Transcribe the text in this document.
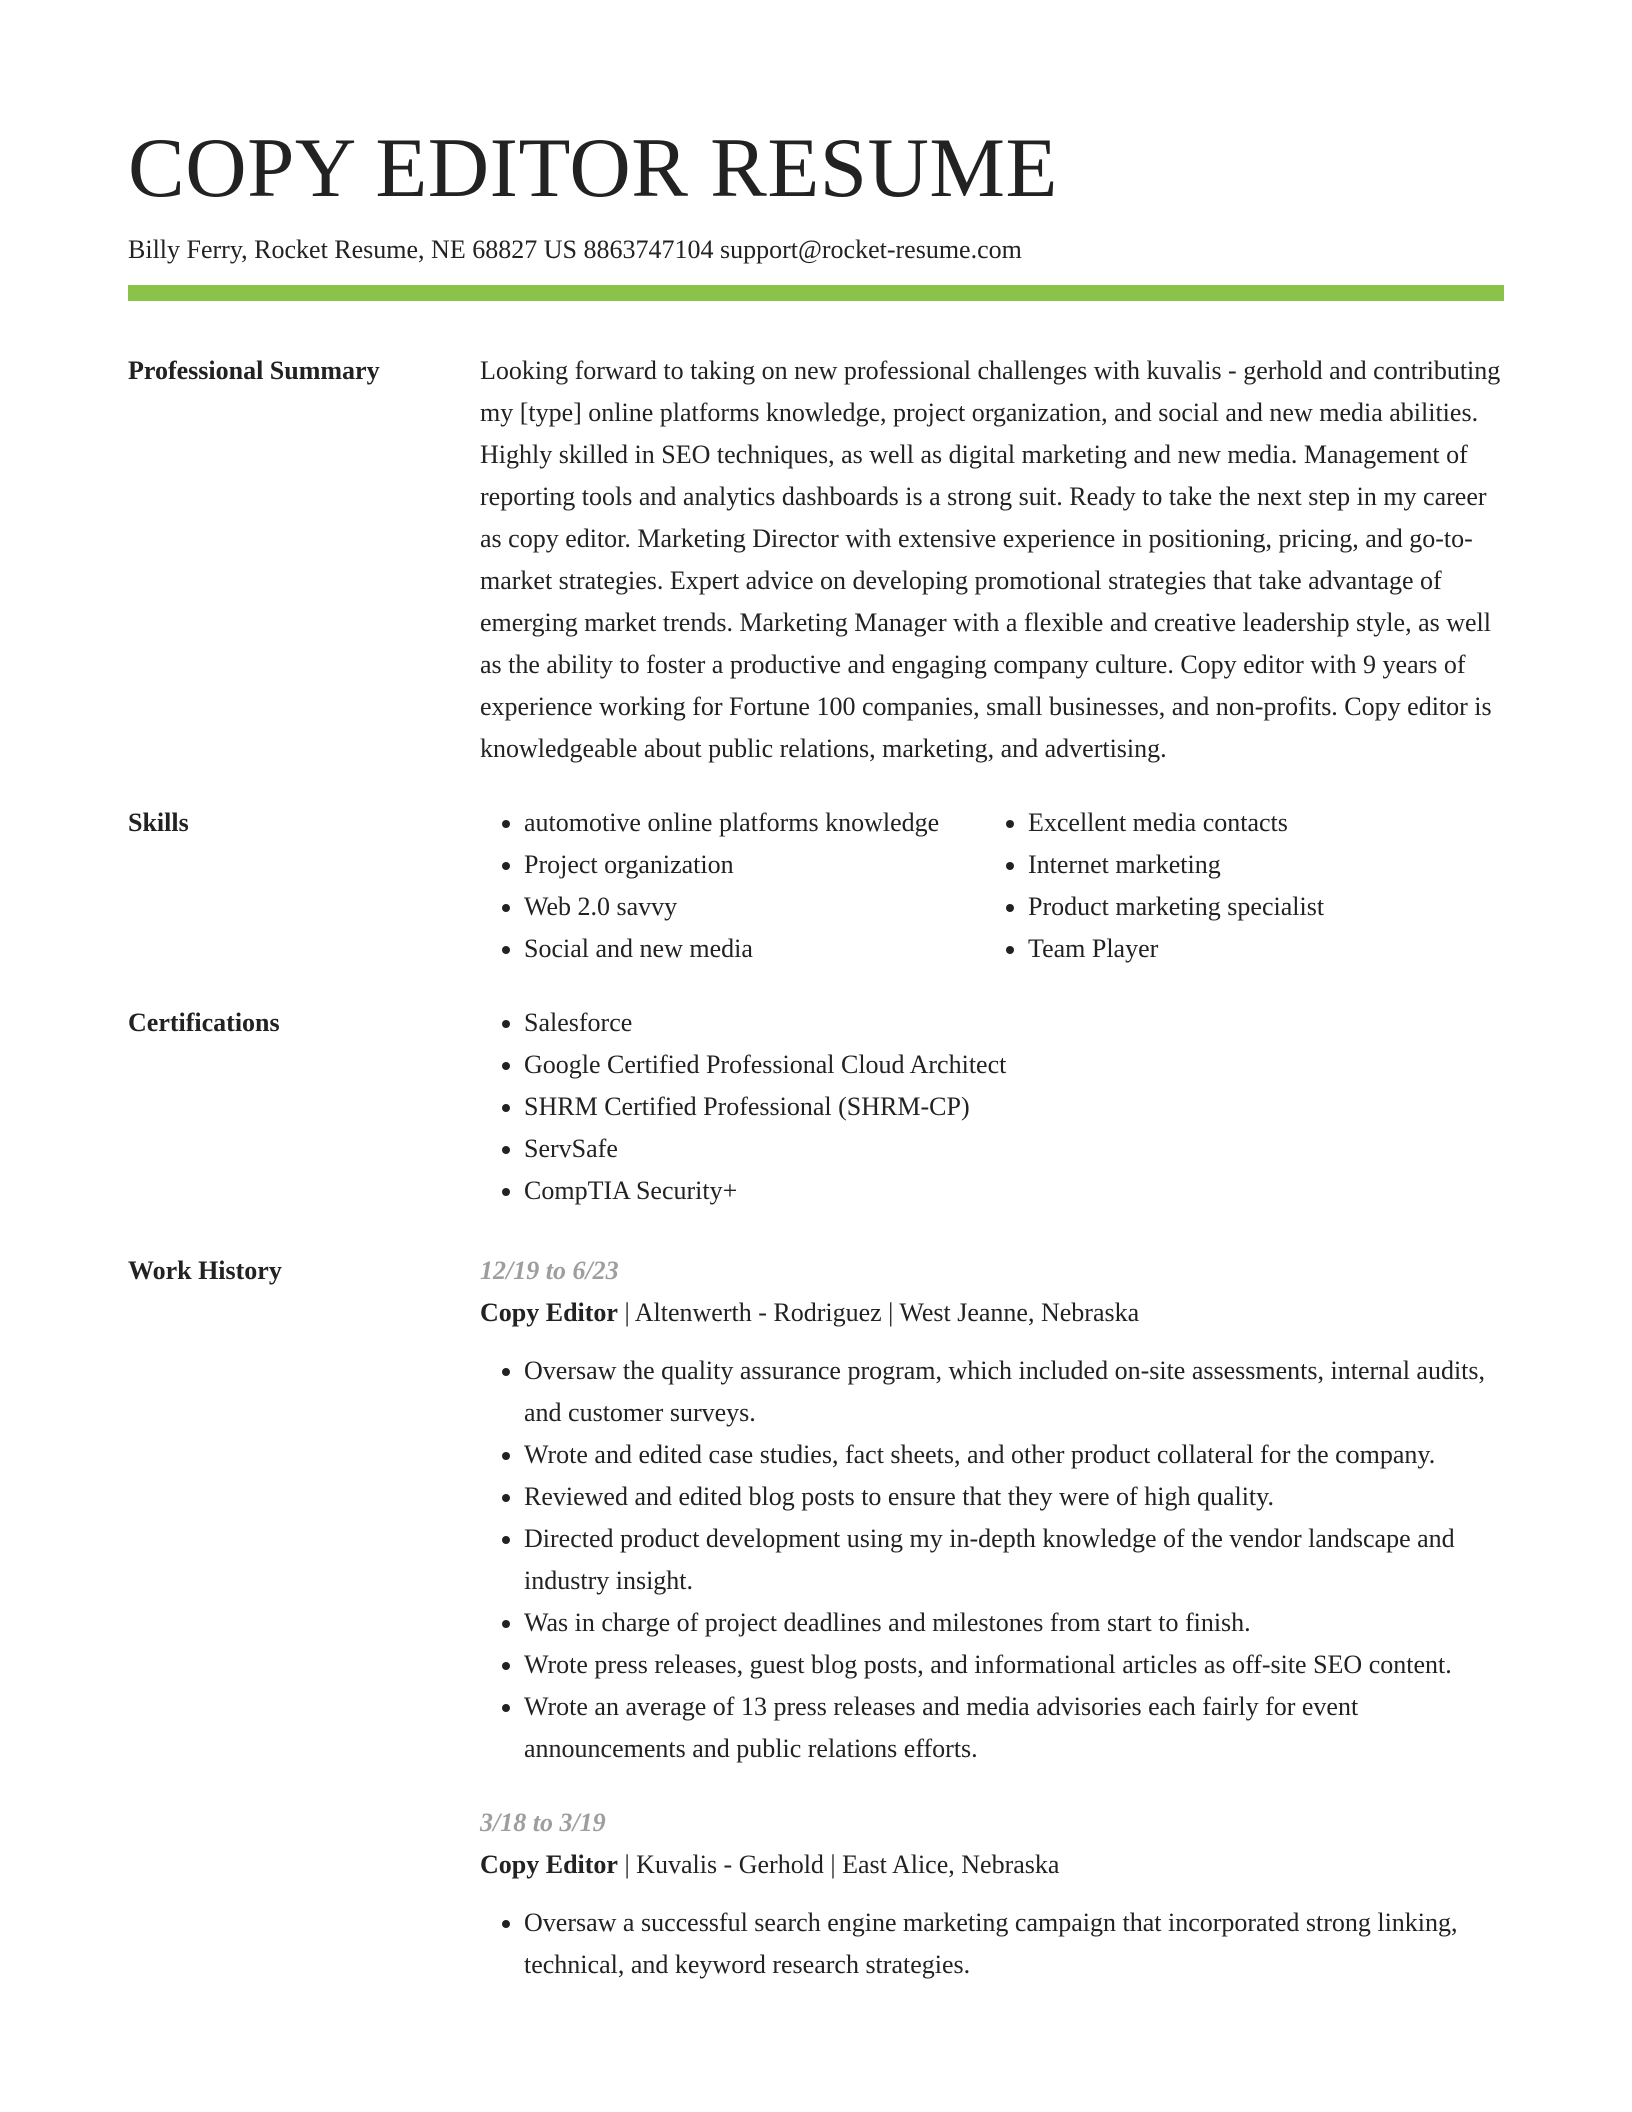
COPY EDITOR RESUME
Billy Ferry, Rocket Resume, NE 68827 US 8863747104 support@rocket-resume.com
Professional Summary	Looking forward to taking on new professional challenges with kuvalis - gerhold and contributing my [type] online platforms knowledge, project organization, and social and new media abilities. Highly skilled in SEO techniques, as well as digital marketing and new media. Management of reporting tools and analytics dashboards is a strong suit. Ready to take the next step in my career as copy editor. Marketing Director with extensive experience in positioning, pricing, and go-to-market strategies. Expert advice on developing promotional strategies that take advantage of emerging market trends. Marketing Manager with a flexible and creative leadership style, as well as the ability to foster a productive and engaging company culture. Copy editor with 9 years of experience working for Fortune 100 companies, small businesses, and non-profits. Copy editor is knowledgeable about public relations, marketing, and advertising.

Skills	• automotive online platforms knowledge
• Project organization
• Web 2.0 savvy
• Social and new media
• Excellent media contacts
• Internet marketing
• Product marketing specialist
• Team Player
Certifications	• Salesforce
• Google Certified Professional Cloud Architect
• SHRM Certified Professional (SHRM-CP)
• ServSafe
• CompTIA Security+
Work History	12/19 to 6/23
Copy Editor | Altenwerth - Rodriguez | West Jeanne, Nebraska
• Oversaw the quality assurance program, which included on-site assessments, internal audits, and customer surveys.
• Wrote and edited case studies, fact sheets, and other product collateral for the company.
• Reviewed and edited blog posts to ensure that they were of high quality.
• Directed product development using my in-depth knowledge of the vendor landscape and industry insight.
• Was in charge of project deadlines and milestones from start to finish.
• Wrote press releases, guest blog posts, and informational articles as off-site SEO content.
• Wrote an average of 13 press releases and media advisories each fairly for event announcements and public relations efforts.
3/18 to 3/19
Copy Editor | Kuvalis - Gerhold | East Alice, Nebraska
• Oversaw a successful search engine marketing campaign that incorporated strong linking, technical, and keyword research strategies.
